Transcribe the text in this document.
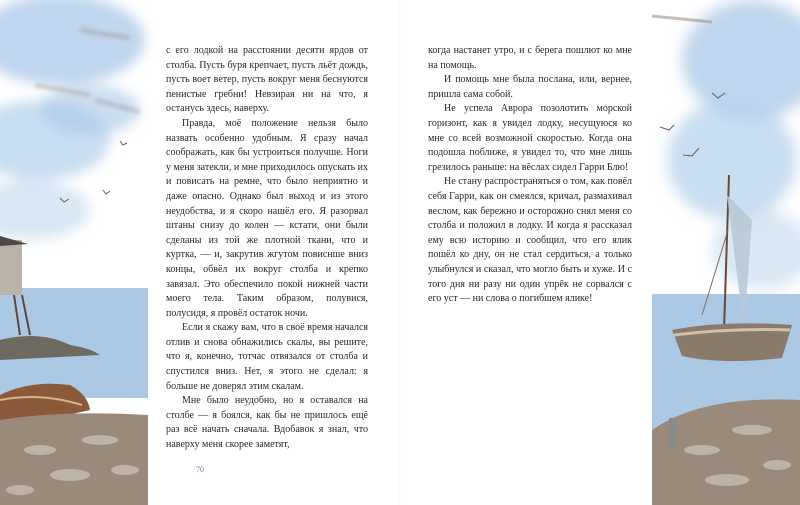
с его лодкой на расстоянии десяти ярдов от столба. Пусть буря крепчает, пусть льёт дождь, пусть воет ветер, пусть вокруг меня беснуются пенистые гребни! Невзирая ни на что, я останусь здесь, наверху.

Правда, моё положение нельзя было назвать особенно удобным. Я сразу начал соображать, как бы устроиться получше. Ноги у меня затекли, и мне приходилось опускать их и повисать на ремне, что было неприятно и даже опасно. Однако был выход и из этого неудобства, и я скоро нашёл его. Я разорвал штаны снизу до колен — кстати, они были сделаны из той же плотной ткани, что и куртка, — и, закрутив жгутом повиснше вниз концы, обвёл их вокруг столба и крепко завязал. Это обеспечило покой нижней части моего тела. Таким образом, полувися, полусидя, я провёл остаток ночи.

Если я скажу вам, что в своё время начался отлив и снова обнажились скалы, вы решите, что я, конечно, тотчас отвязался от столба и спустился вниз. Нет, я этого не сделал: я больше не доверял этим скалам.

Мне было неудобно, но я оставался на столбе — я боялся, как бы не пришлось ещё раз всё начать сначала. Вдобавок я знал, что наверху меня скорее заметят,

70

когда настанет утро, и с берега пошлют ко мне на помощь.

И помощь мне была послана, или, вернее, пришла сама собой.

Не успела Аврора позолотить морской горизонт, как я увидел лодку, несущуюся ко мне со всей возможной скоростью. Когда она подошла поближе, я увидел то, что мне лишь грезилось раньше: на вёслах сидел Гарри Блю!

Не стану распространяться о том, как повёл себя Гарри, как он смеялся, кричал, размахивал веслом, как бережно и осторожно снял меня со столба и положил в лодку. И когда я рассказал ему всю историю и сообщил, что его ялик пошёл ко дну, он не стал сердиться, а только улыбнулся и сказал, что могло быть и хуже. И с того дня ни разу ни один упрёк не сорвался с его уст — ни слова о погибшем ялике!
